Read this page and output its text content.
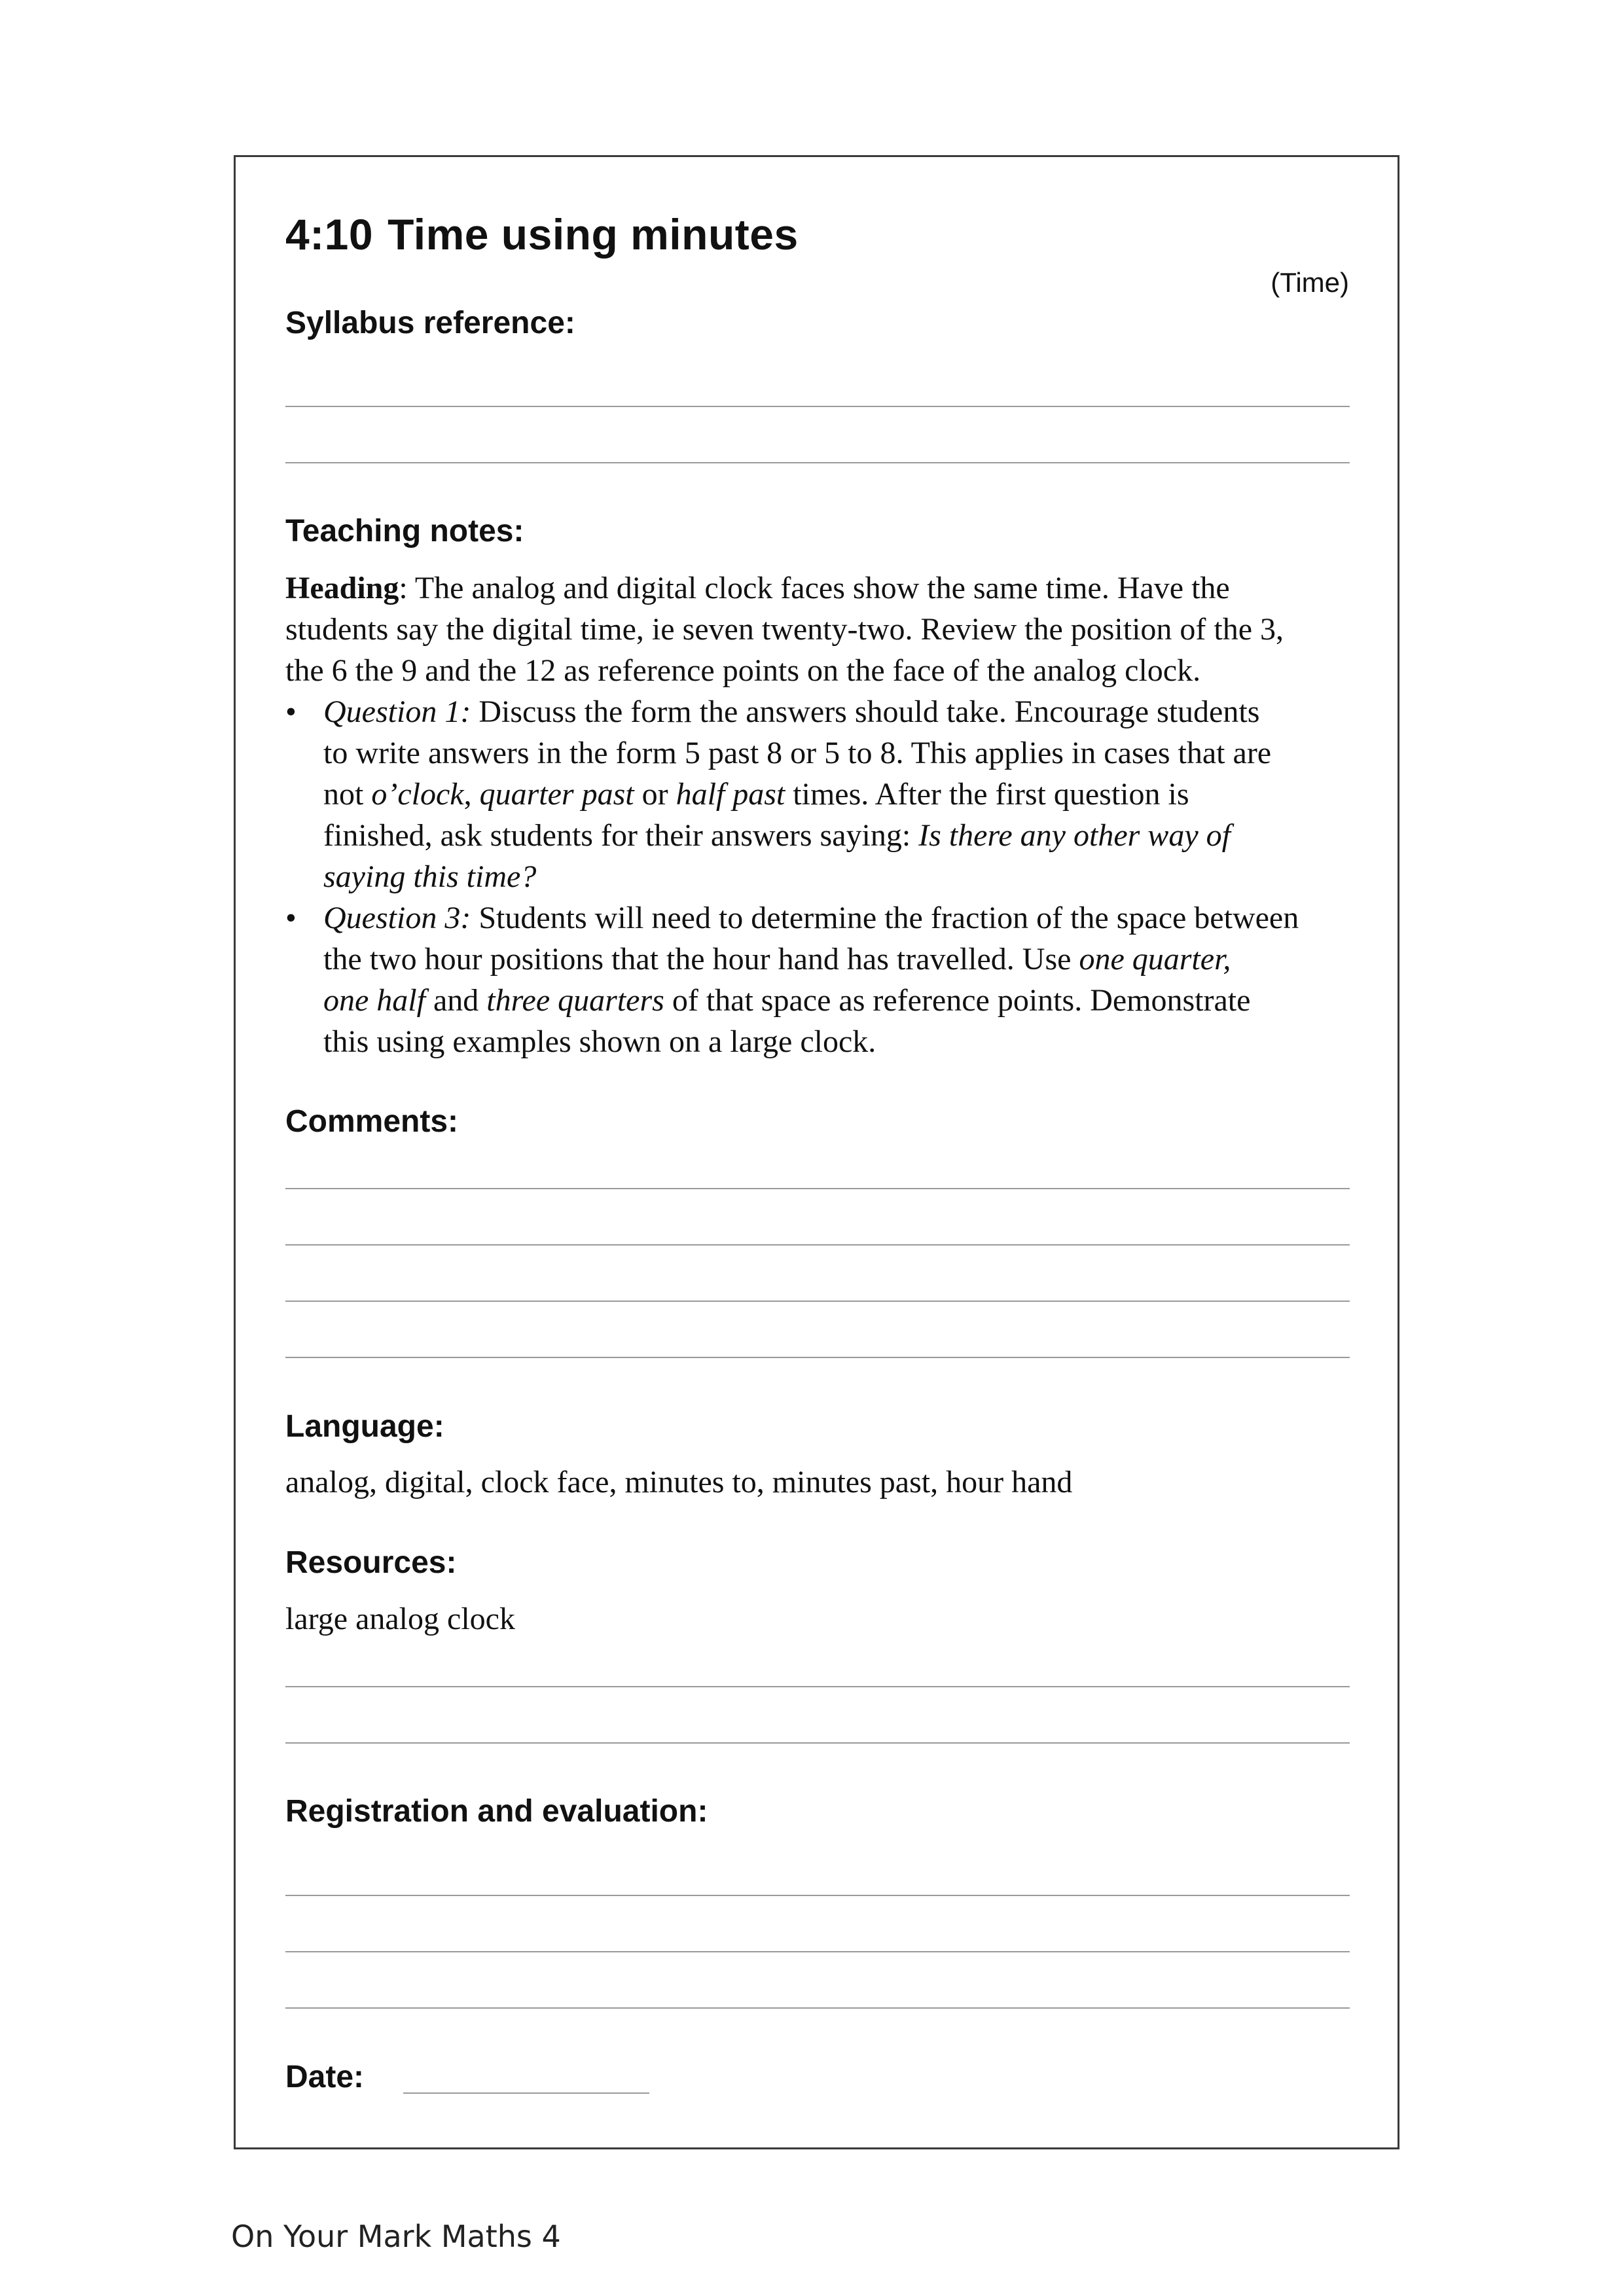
4:10 Time using minutes
(Time)
Syllabus reference:
Teaching notes:
Heading: The analog and digital clock faces show the same time. Have the
students say the digital time, ie seven twenty-two. Review the position of the 3,
the 6 the 9 and the 12 as reference points on the face of the analog clock.
• Question 1: Discuss the form the answers should take. Encourage students
to write answers in the form 5 past 8 or 5 to 8. This applies in cases that are
not o’clock, quarter past or half past times. After the first question is
finished, ask students for their answers saying: Is there any other way of
saying this time?
• Question 3: Students will need to determine the fraction of the space between
the two hour positions that the hour hand has travelled. Use one quarter,
one half and three quarters of that space as reference points. Demonstrate
this using examples shown on a large clock.
Comments:
Language:
analog, digital, clock face, minutes to, minutes past, hour hand
Resources:
large analog clock
Registration and evaluation:
Date:
On Your Mark Maths 4
